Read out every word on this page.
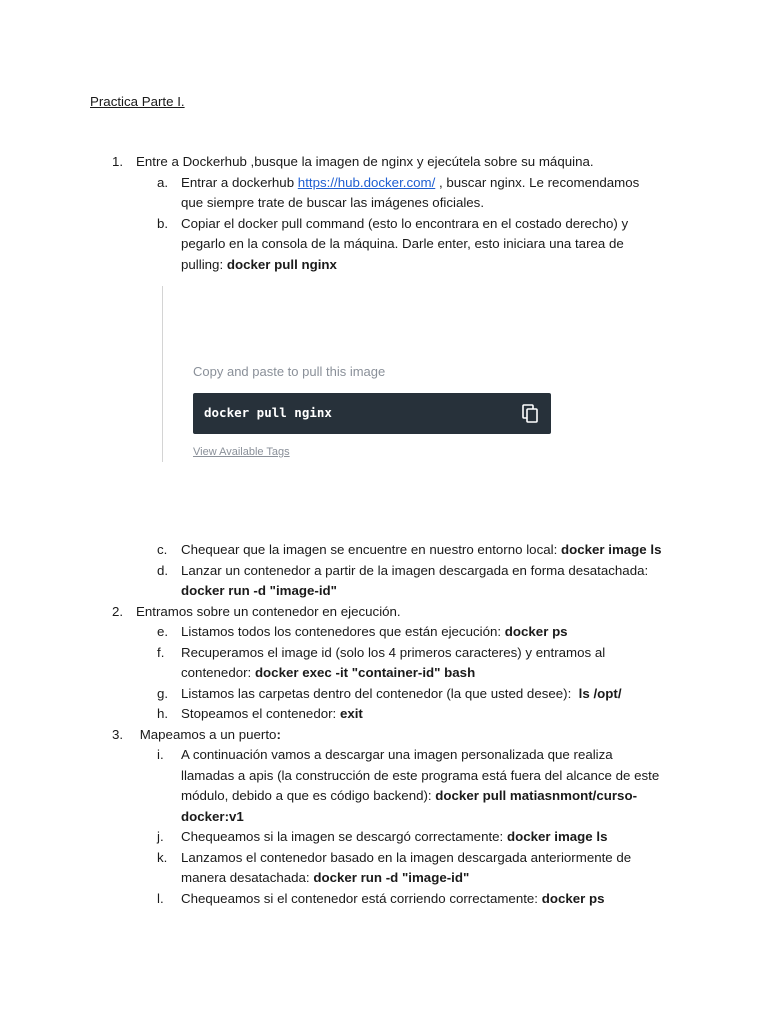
Practica Parte I.
1. Entre a Dockerhub ,busque la imagen de nginx y ejecútela sobre su máquina.
a. Entrar a dockerhub https://hub.docker.com/ , buscar nginx. Le recomendamos
que siempre trate de buscar las imágenes oficiales.
b. Copiar el docker pull command (esto lo encontrara en el costado derecho) y
pegarlo en la consola de la máquina. Darle enter, esto iniciara una tarea de
pulling: docker pull nginx
Copy and paste to pull this image
docker pull nginx
View Available Tags
c. Chequear que la imagen se encuentre en nuestro entorno local: docker image ls
d. Lanzar un contenedor a partir de la imagen descargada en forma desatachada:
docker run -d "image-id"
2. Entramos sobre un contenedor en ejecución.
e. Listamos todos los contenedores que están ejecución: docker ps
f. Recuperamos el image id (solo los 4 primeros caracteres) y entramos al
contenedor: docker exec -it "container-id" bash
g. Listamos las carpetas dentro del contenedor (la que usted desee):  ls /opt/
h. Stopeamos el contenedor: exit
3. Mapeamos a un puerto:
i. A continuación vamos a descargar una imagen personalizada que realiza
llamadas a apis (la construcción de este programa está fuera del alcance de este
módulo, debido a que es código backend): docker pull matiasnmont/curso-
docker:v1
j. Chequeamos si la imagen se descargó correctamente: docker image ls
k. Lanzamos el contenedor basado en la imagen descargada anteriormente de
manera desatachada: docker run -d "image-id"
l. Chequeamos si el contenedor está corriendo correctamente: docker ps
